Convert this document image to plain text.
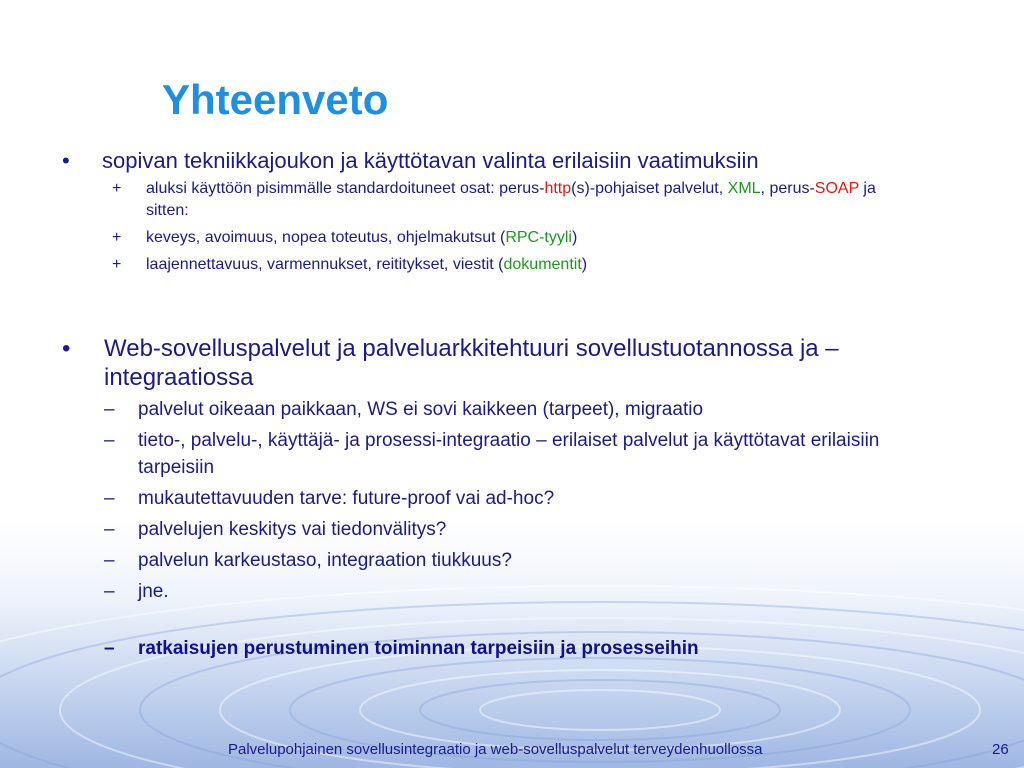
Yhteenveto
• sopivan tekniikkajoukon ja käyttötavan valinta erilaisiin vaatimuksiin
+ aluksi käyttöön pisimmälle standardoituneet osat: perus-http(s)-pohjaiset palvelut, XML, perus-SOAP ja sitten:
+ keveys, avoimuus, nopea toteutus, ohjelmakutsut (RPC-tyyli)
+ laajennettavuus, varmennukset, reititykset, viestit (dokumentit)
• Web-sovelluspalvelut ja palveluarkkitehtuuri sovellustuotannossa ja –integraatiossa
– palvelut oikeaan paikkaan, WS ei sovi kaikkeen (tarpeet), migraatio
– tieto-, palvelu-, käyttäjä- ja prosessi-integraatio – erilaiset palvelut ja käyttötavat erilaisiin tarpeisiin
– mukautettavuuden tarve: future-proof vai ad-hoc?
– palvelujen keskitys vai tiedonvälitys?
– palvelun karkeustaso, integraation tiukkuus?
– jne.
– ratkaisujen perustuminen toiminnan tarpeisiin ja prosesseihin
Palvelupohjainen sovellusintegraatio ja web-sovelluspalvelut terveydenhuollossa	26
